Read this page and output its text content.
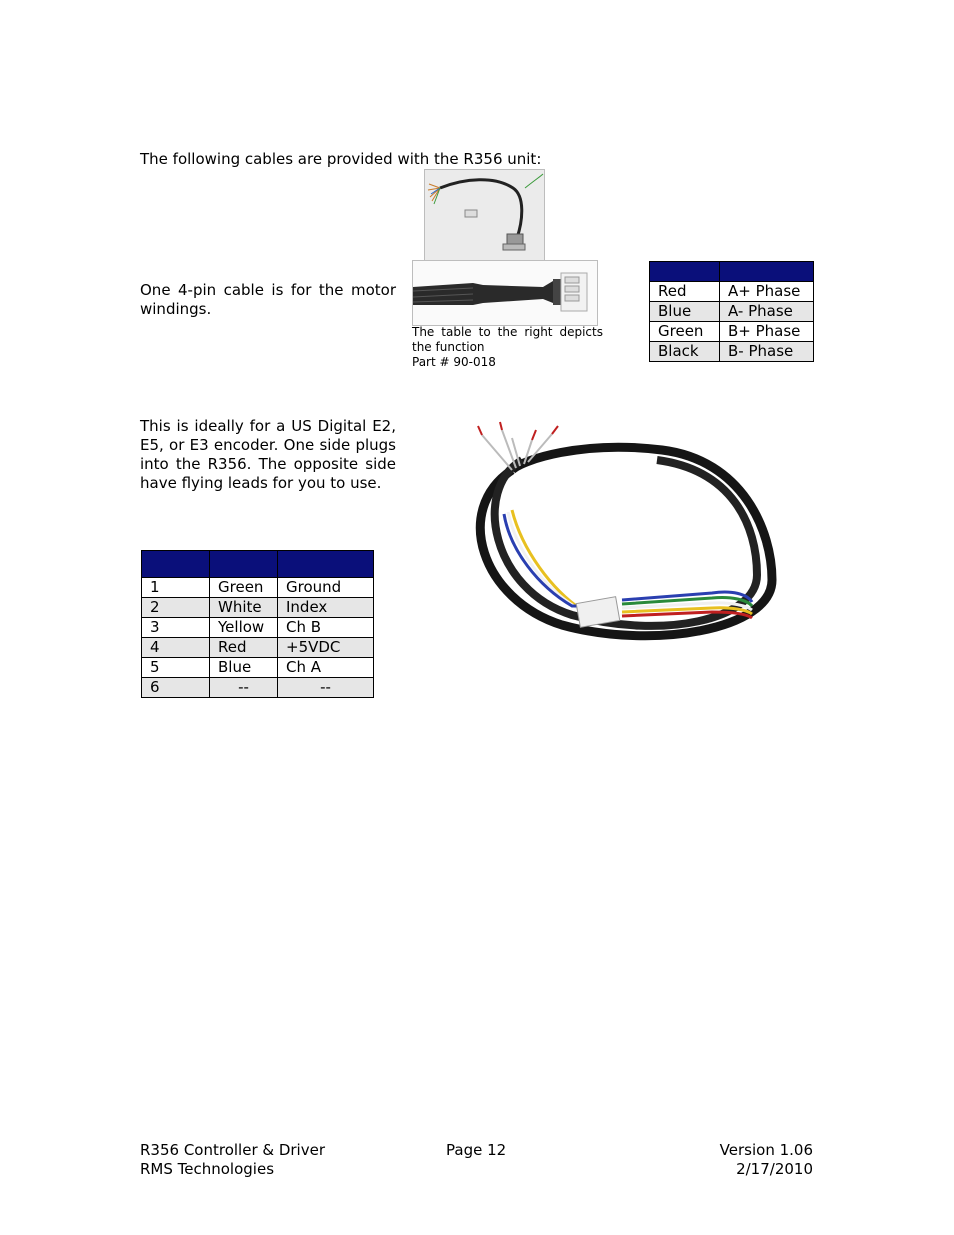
The following cables are provided with the R356 unit:
One 4-pin cable is for the motor windings.
The table to the right depicts the function
Part # 90-018

Red	A+ Phase
Blue	A- Phase
Green	B+ Phase
Black	B- Phase
This is ideally for a US Digital E2, E5, or E3 encoder. One side plugs into the R356. The opposite side have flying leads for you to use.

1	Green	Ground
2	White	Index
3	Yellow	Ch B
4	Red	+5VDC
5	Blue	Ch A
6	--	--
R356 Controller & Driver
RMS Technologies
Page 12	Version 1.06
2/17/2010
